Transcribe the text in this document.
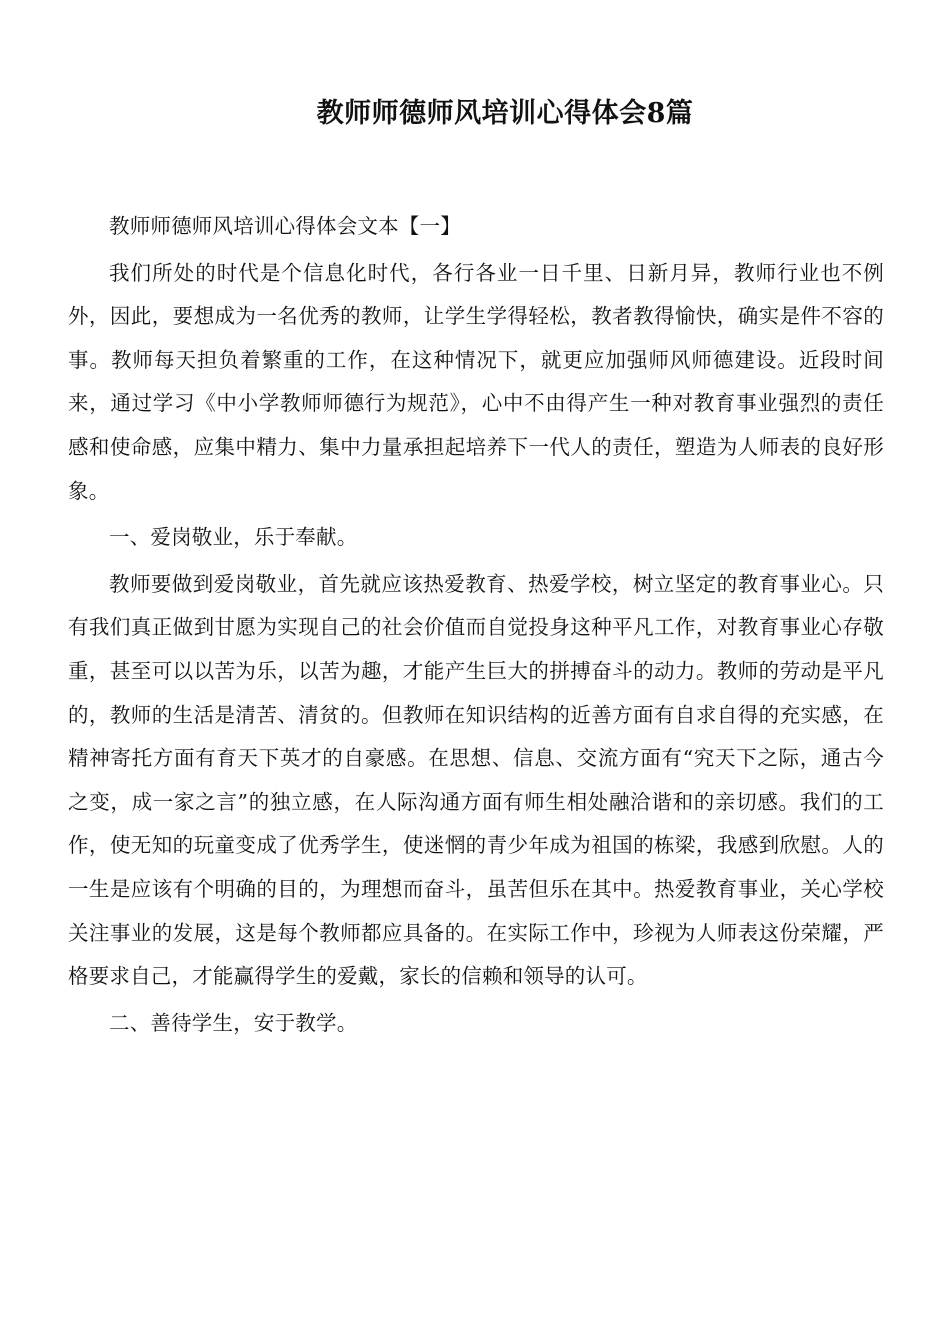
教师师德师风培训心得体会8篇

教师师德师风培训心得体会文本【一】

我们所处的时代是个信息化时代，各行各业一日千里、日新月异，教师行业也不例外，因此，要想成为一名优秀的教师，让学生学得轻松，教者教得愉快，确实是件不容的事。教师每天担负着繁重的工作，在这种情况下，就更应加强师风师德建设。近段时间来，通过学习《中小学教师师德行为规范》，心中不由得产生一种对教育事业强烈的责任感和使命感，应集中精力、集中力量承担起培养下一代人的责任，塑造为人师表的良好形象。

一、爱岗敬业，乐于奉献。

教师要做到爱岗敬业，首先就应该热爱教育、热爱学校，树立坚定的教育事业心。只有我们真正做到甘愿为实现自己的社会价值而自觉投身这种平凡工作，对教育事业心存敬重，甚至可以以苦为乐，以苦为趣，才能产生巨大的拼搏奋斗的动力。教师的劳动是平凡的，教师的生活是清苦、清贫的。但教师在知识结构的近善方面有自求自得的充实感，在精神寄托方面有育天下英才的自豪感。在思想、信息、交流方面有“究天下之际，通古今之变，成一家之言”的独立感，在人际沟通方面有师生相处融洽谐和的亲切感。我们的工作，使无知的玩童变成了优秀学生，使迷惘的青少年成为祖国的栋梁，我感到欣慰。人的一生是应该有个明确的目的，为理想而奋斗，虽苦但乐在其中。热爱教育事业，关心学校关注事业的发展，这是每个教师都应具备的。在实际工作中，珍视为人师表这份荣耀，严格要求自己，才能赢得学生的爱戴，家长的信赖和领导的认可。

二、善待学生，安于教学。
